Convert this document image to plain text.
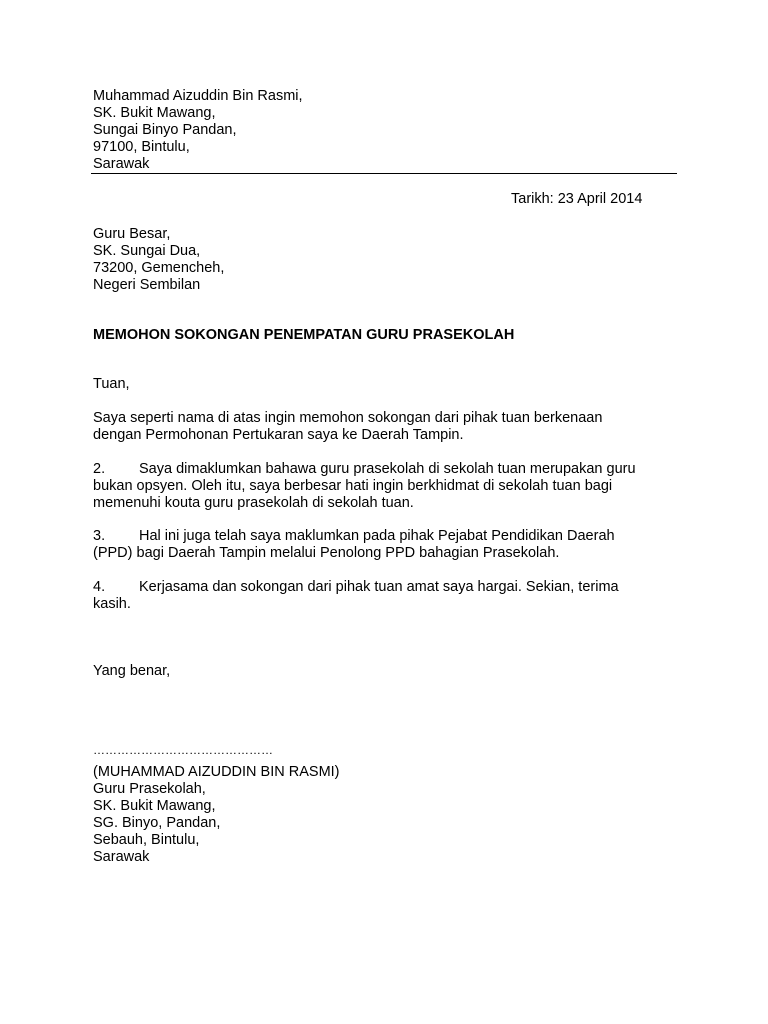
Muhammad Aizuddin Bin Rasmi,
SK. Bukit Mawang,
Sungai Binyo Pandan,
97100, Bintulu,
Sarawak
Tarikh: 23 April 2014
Guru Besar,
SK. Sungai Dua,
73200, Gemencheh,
Negeri Sembilan
MEMOHON SOKONGAN PENEMPATAN GURU PRASEKOLAH
Tuan,
Saya seperti nama di atas ingin memohon sokongan dari pihak tuan berkenaan
dengan Permohonan Pertukaran saya ke Daerah Tampin.
2. Saya dimaklumkan bahawa guru prasekolah di sekolah tuan merupakan guru
bukan opsyen. Oleh itu, saya berbesar hati ingin berkhidmat di sekolah tuan bagi
memenuhi kouta guru prasekolah di sekolah tuan.
3. Hal ini juga telah saya maklumkan pada pihak Pejabat Pendidikan Daerah
(PPD) bagi Daerah Tampin melalui Penolong PPD bahagian Prasekolah.
4. Kerjasama dan sokongan dari pihak tuan amat saya hargai. Sekian, terima
kasih.
Yang benar,
………………………………………
(MUHAMMAD AIZUDDIN BIN RASMI)
Guru Prasekolah,
SK. Bukit Mawang,
SG. Binyo, Pandan,
Sebauh, Bintulu,
Sarawak
